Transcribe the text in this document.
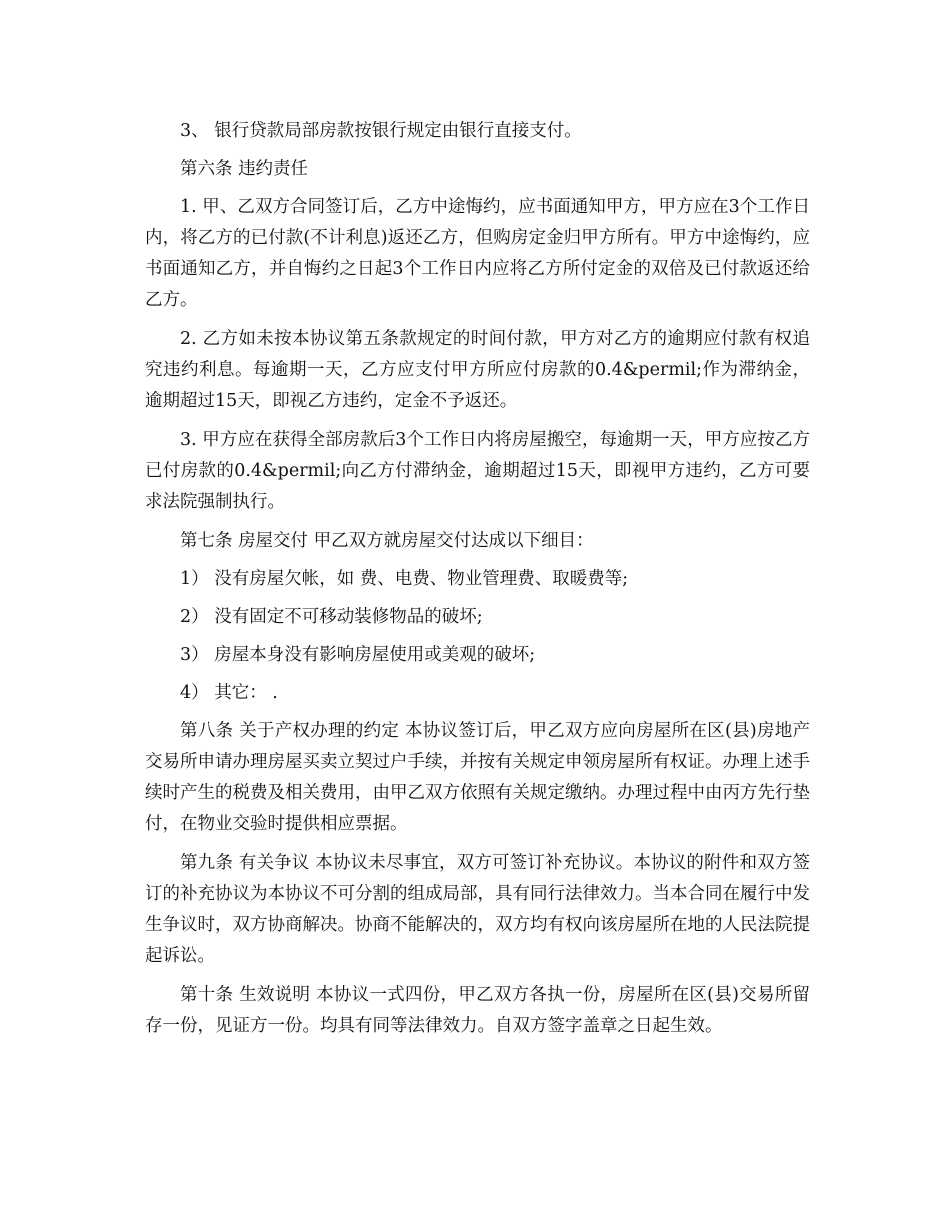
3、 银行贷款局部房款按银行规定由银行直接支付。

第六条 违约责任

1. 甲、乙双方合同签订后，乙方中途悔约，应书面通知甲方，甲方应在3个工作日内，将乙方的已付款(不计利息)返还乙方，但购房定金归甲方所有。甲方中途悔约，应书面通知乙方，并自悔约之日起3个工作日内应将乙方所付定金的双倍及已付款返还给乙方。

2. 乙方如未按本协议第五条款规定的时间付款，甲方对乙方的逾期应付款有权追究违约利息。每逾期一天，乙方应支付甲方所应付房款的0.4&permil;作为滞纳金，逾期超过15天，即视乙方违约，定金不予返还。

3. 甲方应在获得全部房款后3个工作日内将房屋搬空，每逾期一天，甲方应按乙方已付房款的0.4&permil;向乙方付滞纳金，逾期超过15天，即视甲方违约，乙方可要求法院强制执行。

第七条 房屋交付 甲乙双方就房屋交付达成以下细目：

1） 没有房屋欠帐，如 费、电费、物业管理费、取暖费等;

2） 没有固定不可移动装修物品的破坏;

3） 房屋本身没有影响房屋使用或美观的破坏;

4） 其它： .

第八条 关于产权办理的约定 本协议签订后，甲乙双方应向房屋所在区(县)房地产交易所申请办理房屋买卖立契过户手续，并按有关规定申领房屋所有权证。办理上述手续时产生的税费及相关费用，由甲乙双方依照有关规定缴纳。办理过程中由丙方先行垫付，在物业交验时提供相应票据。

第九条 有关争议 本协议未尽事宜，双方可签订补充协议。本协议的附件和双方签订的补充协议为本协议不可分割的组成局部，具有同行法律效力。当本合同在履行中发生争议时，双方协商解决。协商不能解决的，双方均有权向该房屋所在地的人民法院提起诉讼。

第十条 生效说明 本协议一式四份，甲乙双方各执一份，房屋所在区(县)交易所留存一份，见证方一份。均具有同等法律效力。自双方签字盖章之日起生效。
